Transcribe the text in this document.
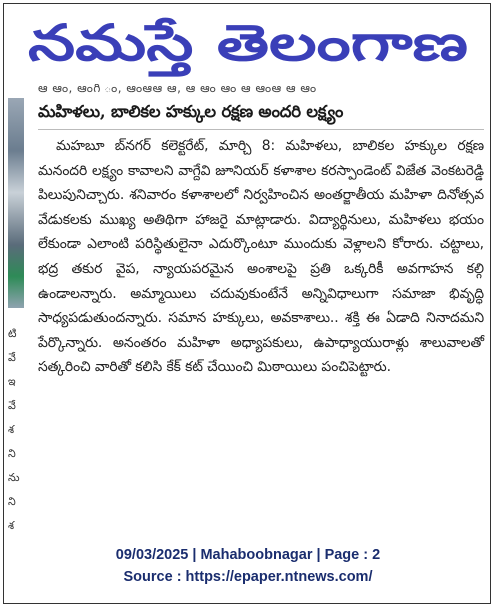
నమస్తే తెలంగాణ
టి
వే
ఇ
వే
శ
ని
ను
ని
శ
ఆ ఆం, ఆంగి ం, ఆంఆఆ ఆ, ఆ ఆం ఆం ఆ ఆంఆ ఆ ఆం
మహిళలు, బాలికల హక్కుల రక్షణ అందరి లక్ష్యం
మహబూ బ్‌నగర్ కలెక్టరేట్, మార్చి 8: మహిళలు, బాలికల హక్కుల రక్షణ మనందరి లక్ష్యం కావాలని వాగ్దేవి జూనియర్ కళాశాల కరస్పాండెంట్ విజేత వెంకటరెడ్డి పిలుపునిచ్చారు. శనివారం కళాశాలలో నిర్వహించిన అంతర్జాతీయ మహిళా దినోత్సవ వేడుకలకు ముఖ్య అతిథిగా హాజరై మాట్లాడారు. విద్యార్థినులు, మహిళలు భయం లేకుండా ఎలాంటి పరిస్థితులైనా ఎదుర్కొంటూ ముందుకు వెళ్లాలని కోరారు. చట్టాలు, భద్ర తకుర వైప, న్యాయపరమైన అంశాలపై ప్రతి ఒక్కరికీ అవగాహన కల్గి ఉండాలన్నారు. అమ్మాయిలు చదువుకుంటేనే అన్నివిధాలుగా సమాజా భివృద్ధి సాధ్యపడుతుందన్నారు. సమాన హక్కులు, అవకాశాలు.. శక్తి ఈ ఏడాది నినాదమని పేర్కొన్నారు. అనంతరం మహిళా అధ్యాపకులు, ఉపాధ్యాయురాళ్లు శాలువాలతో సత్కరించి వారితో కలిసి కేక్ కట్ చేయించి మిఠాయిలు పంచిపెట్టారు.
09/03/2025 | Mahaboobnagar | Page : 2
Source : https://epaper.ntnews.com/
